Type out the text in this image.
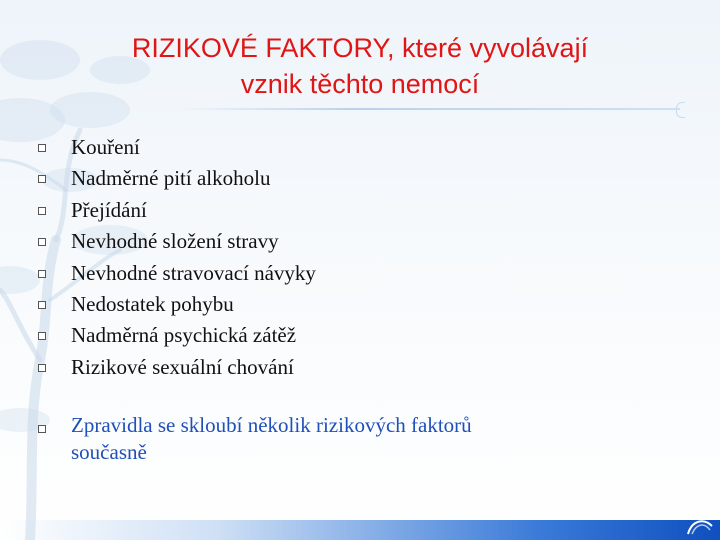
RIZIKOVÉ FAKTORY, které vyvolávají
vznik těchto nemocí
Kouření
Nadměrné pití alkoholu
Přejídání
Nevhodné složení stravy
Nevhodné stravovací návyky
Nedostatek pohybu
Nadměrná psychická zátěž
Rizikové sexuální chování
Zpravidla se skloubí několik rizikových faktorů
současně
